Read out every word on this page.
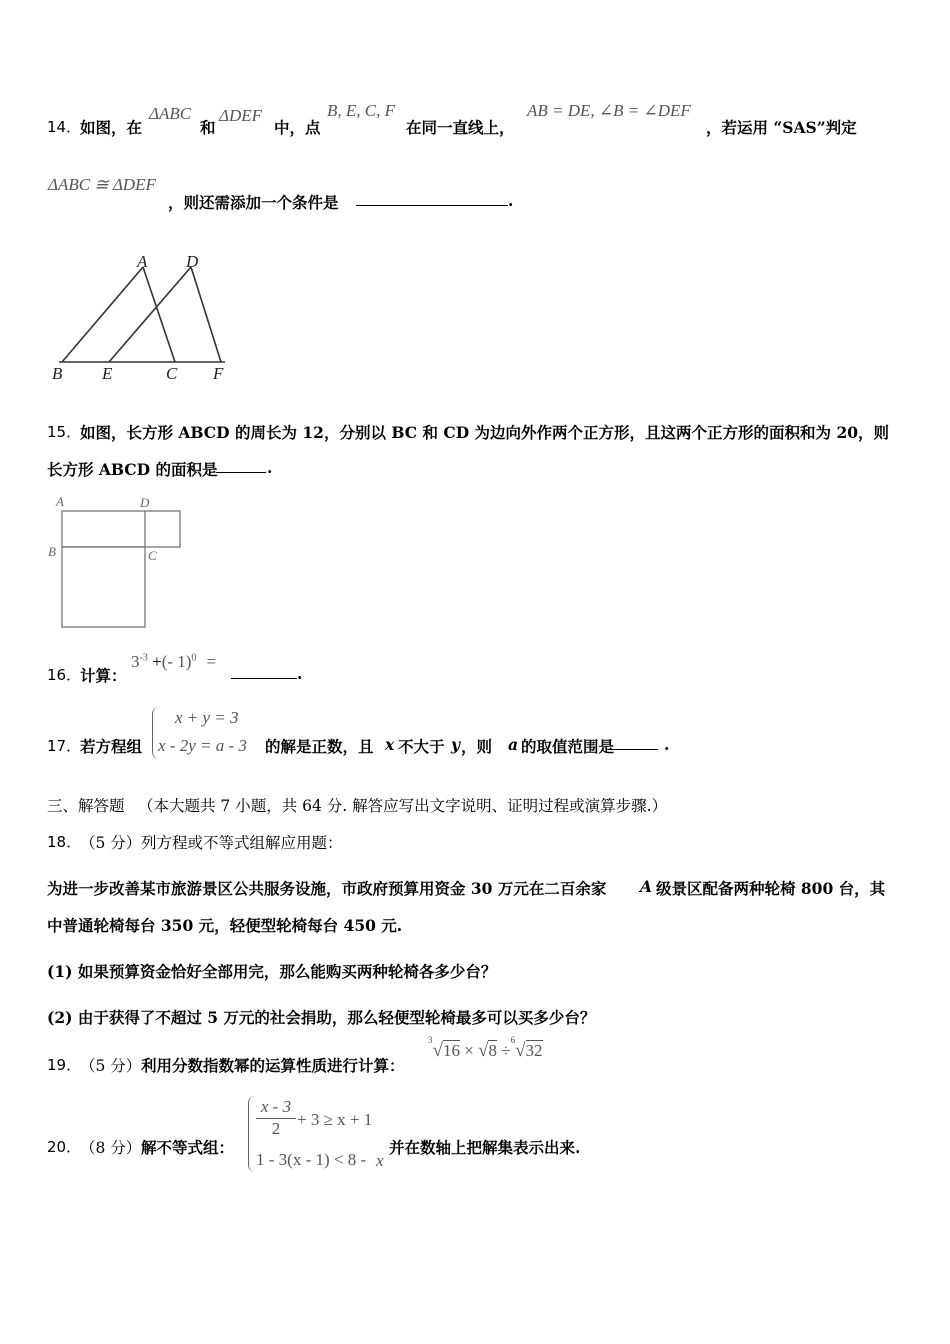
14．
如图，在
ΔABC
和
ΔDEF
中，点
B, E, C, F
在同一直线上，
AB = DE, ∠B = ∠DEF
，若运用 “SAS”判定
ΔABC ≅ ΔDEF
，则还需添加一个条件是	.
A D
B E	C F
15．
如图，长方形 ABCD 的周长为 12，分别以 BC 和 CD 为边向外作两个正方形，且这两个正方形的面积和为 20，则
长方形 ABCD 的面积是	.
A	D
B	C
16．
计算：
$3^{-3}$ +(- 1)$^0$ =
.
17．
若方程组
x + y = 3
x - 2y = a - 3 的解是正数，且 x 不大于 y ，则 a 的取值范围是	.
三、解答题 （本大题共 7 小题，共 64 分. 解答应写出文字说明、证明过程或演算步骤.）
18．
（5 分） 列方程或不等式组解应用题：
为进一步改善某市旅游景区公共服务设施，市政府预算用资金 30 万元在二百余家 A 级景区配备两种轮椅 800 台，其
中普通轮椅每台 350 元，轻便型轮椅每台 450 元.
(1) 如果预算资金恰好全部用完，那么能购买两种轮椅各多少台？
(2) 由于获得了不超过 5 万元的社会捐助，那么轻便型轮椅最多可以买多少台？
19．
（5 分） 利用分数指数幂的运算性质进行计算：
$^3$√16 × √8 ÷$^6$√32
20．
（8 分） 解不等式组：
$\frac{x - 3}{2} + 3 \ge x + 1$
1 - 3(x - 1) < 8 - x
并在数轴上把解集表示出来.
